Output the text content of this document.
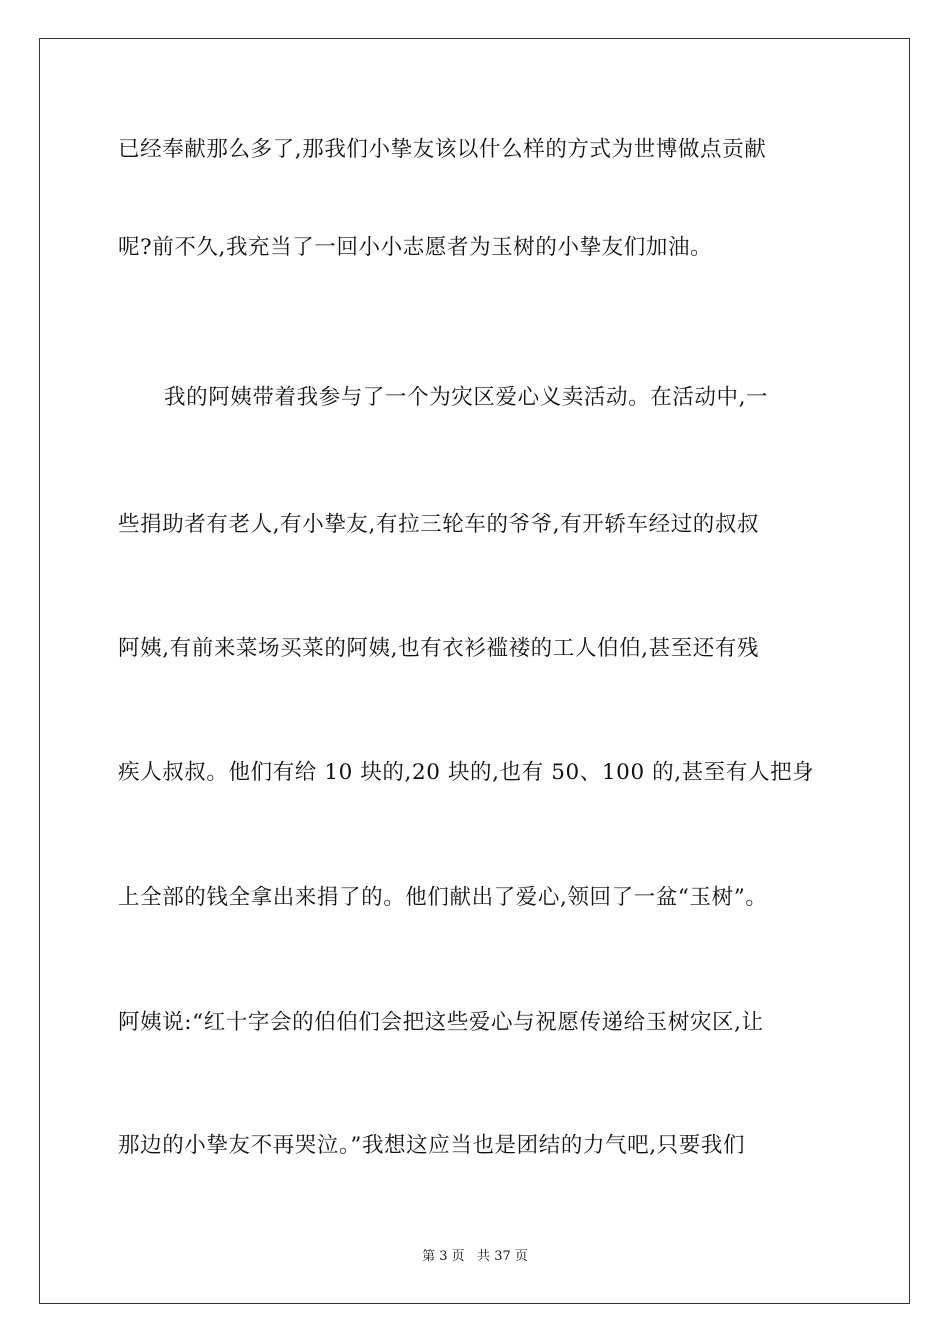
已经奉献那么多了,那我们小挚友该以什么样的方式为世博做点贡献
呢?前不久,我充当了一回小小志愿者为玉树的小挚友们加油。
我的阿姨带着我参与了一个为灾区爱心义卖活动。在活动中,一
些捐助者有老人,有小挚友,有拉三轮车的爷爷,有开轿车经过的叔叔
阿姨,有前来菜场买菜的阿姨,也有衣衫褴褛的工人伯伯,甚至还有残
疾人叔叔。他们有给 10 块的,20 块的,也有 50、100 的,甚至有人把身
上全部的钱全拿出来捐了的。他们献出了爱心,领回了一盆“玉树”。
阿姨说:“红十字会的伯伯们会把这些爱心与祝愿传递给玉树灾区,让
那边的小挚友不再哭泣。”我想这应当也是团结的力气吧,只要我们
第 3 页   共 37 页
